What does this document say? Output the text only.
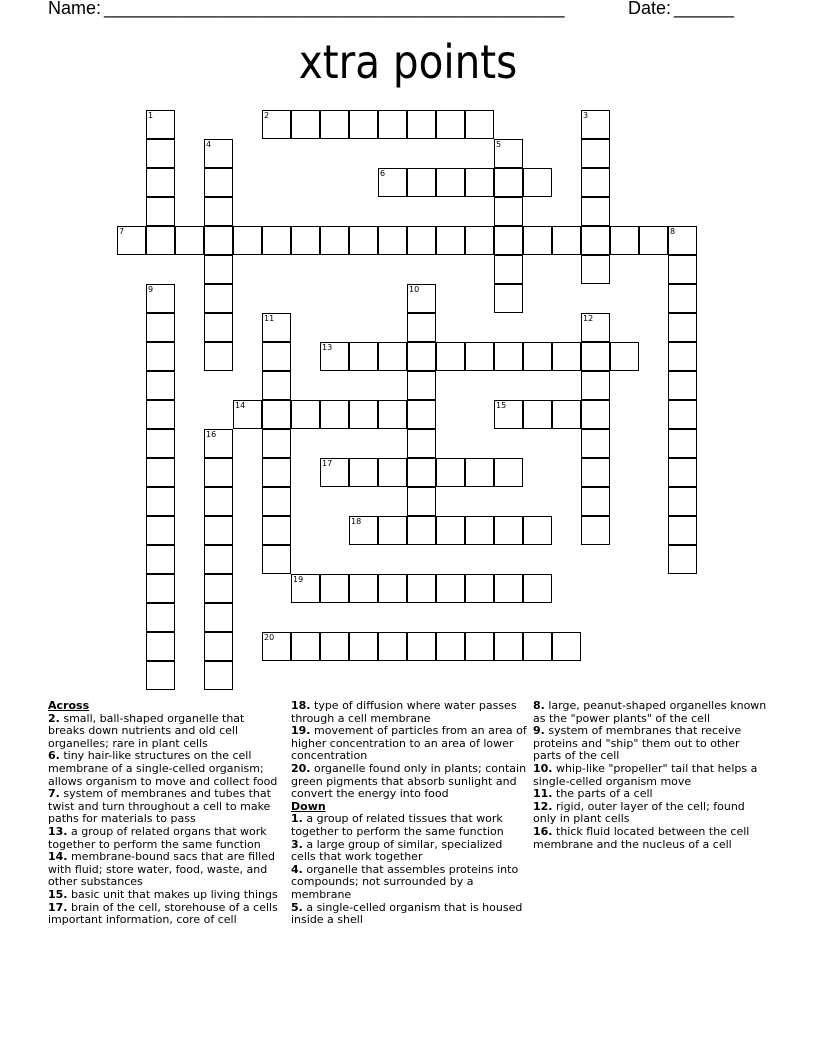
Name: ______________________________________________	Date: ______
xtra points
2
6
7	8
13
14	15
17
18
19
20
1	3
4	5
9	10
11	12
16
Across
2. small, ball-shaped organelle that breaks down nutrients and old cell organelles; rare in plant cells
6. tiny hair-like structures on the cell membrane of a single-celled organism; allows organism to move and collect food
7. system of membranes and tubes that twist and turn throughout a cell to make paths for materials to pass
13. a group of related organs that work together to perform the same function
14. membrane-bound sacs that are filled with fluid; store water, food, waste, and other substances
15. basic unit that makes up living things
17. brain of the cell, storehouse of a cells important information, core of cell
18. type of diffusion where water passes through a cell membrane
19. movement of particles from an area of higher concentration to an area of lower concentration
20. organelle found only in plants; contain green pigments that absorb sunlight and convert the energy into food
Down
1. a group of related tissues that work together to perform the same function
3. a large group of similar, specialized cells that work together
4. organelle that assembles proteins into compounds; not surrounded by a membrane
5. a single-celled organism that is housed inside a shell
8. large, peanut-shaped organelles known as the "power plants" of the cell
9. system of membranes that receive proteins and "ship" them out to other parts of the cell
10. whip-like "propeller" tail that helps a single-celled organism move
11. the parts of a cell
12. rigid, outer layer of the cell; found only in plant cells
16. thick fluid located between the cell membrane and the nucleus of a cell
